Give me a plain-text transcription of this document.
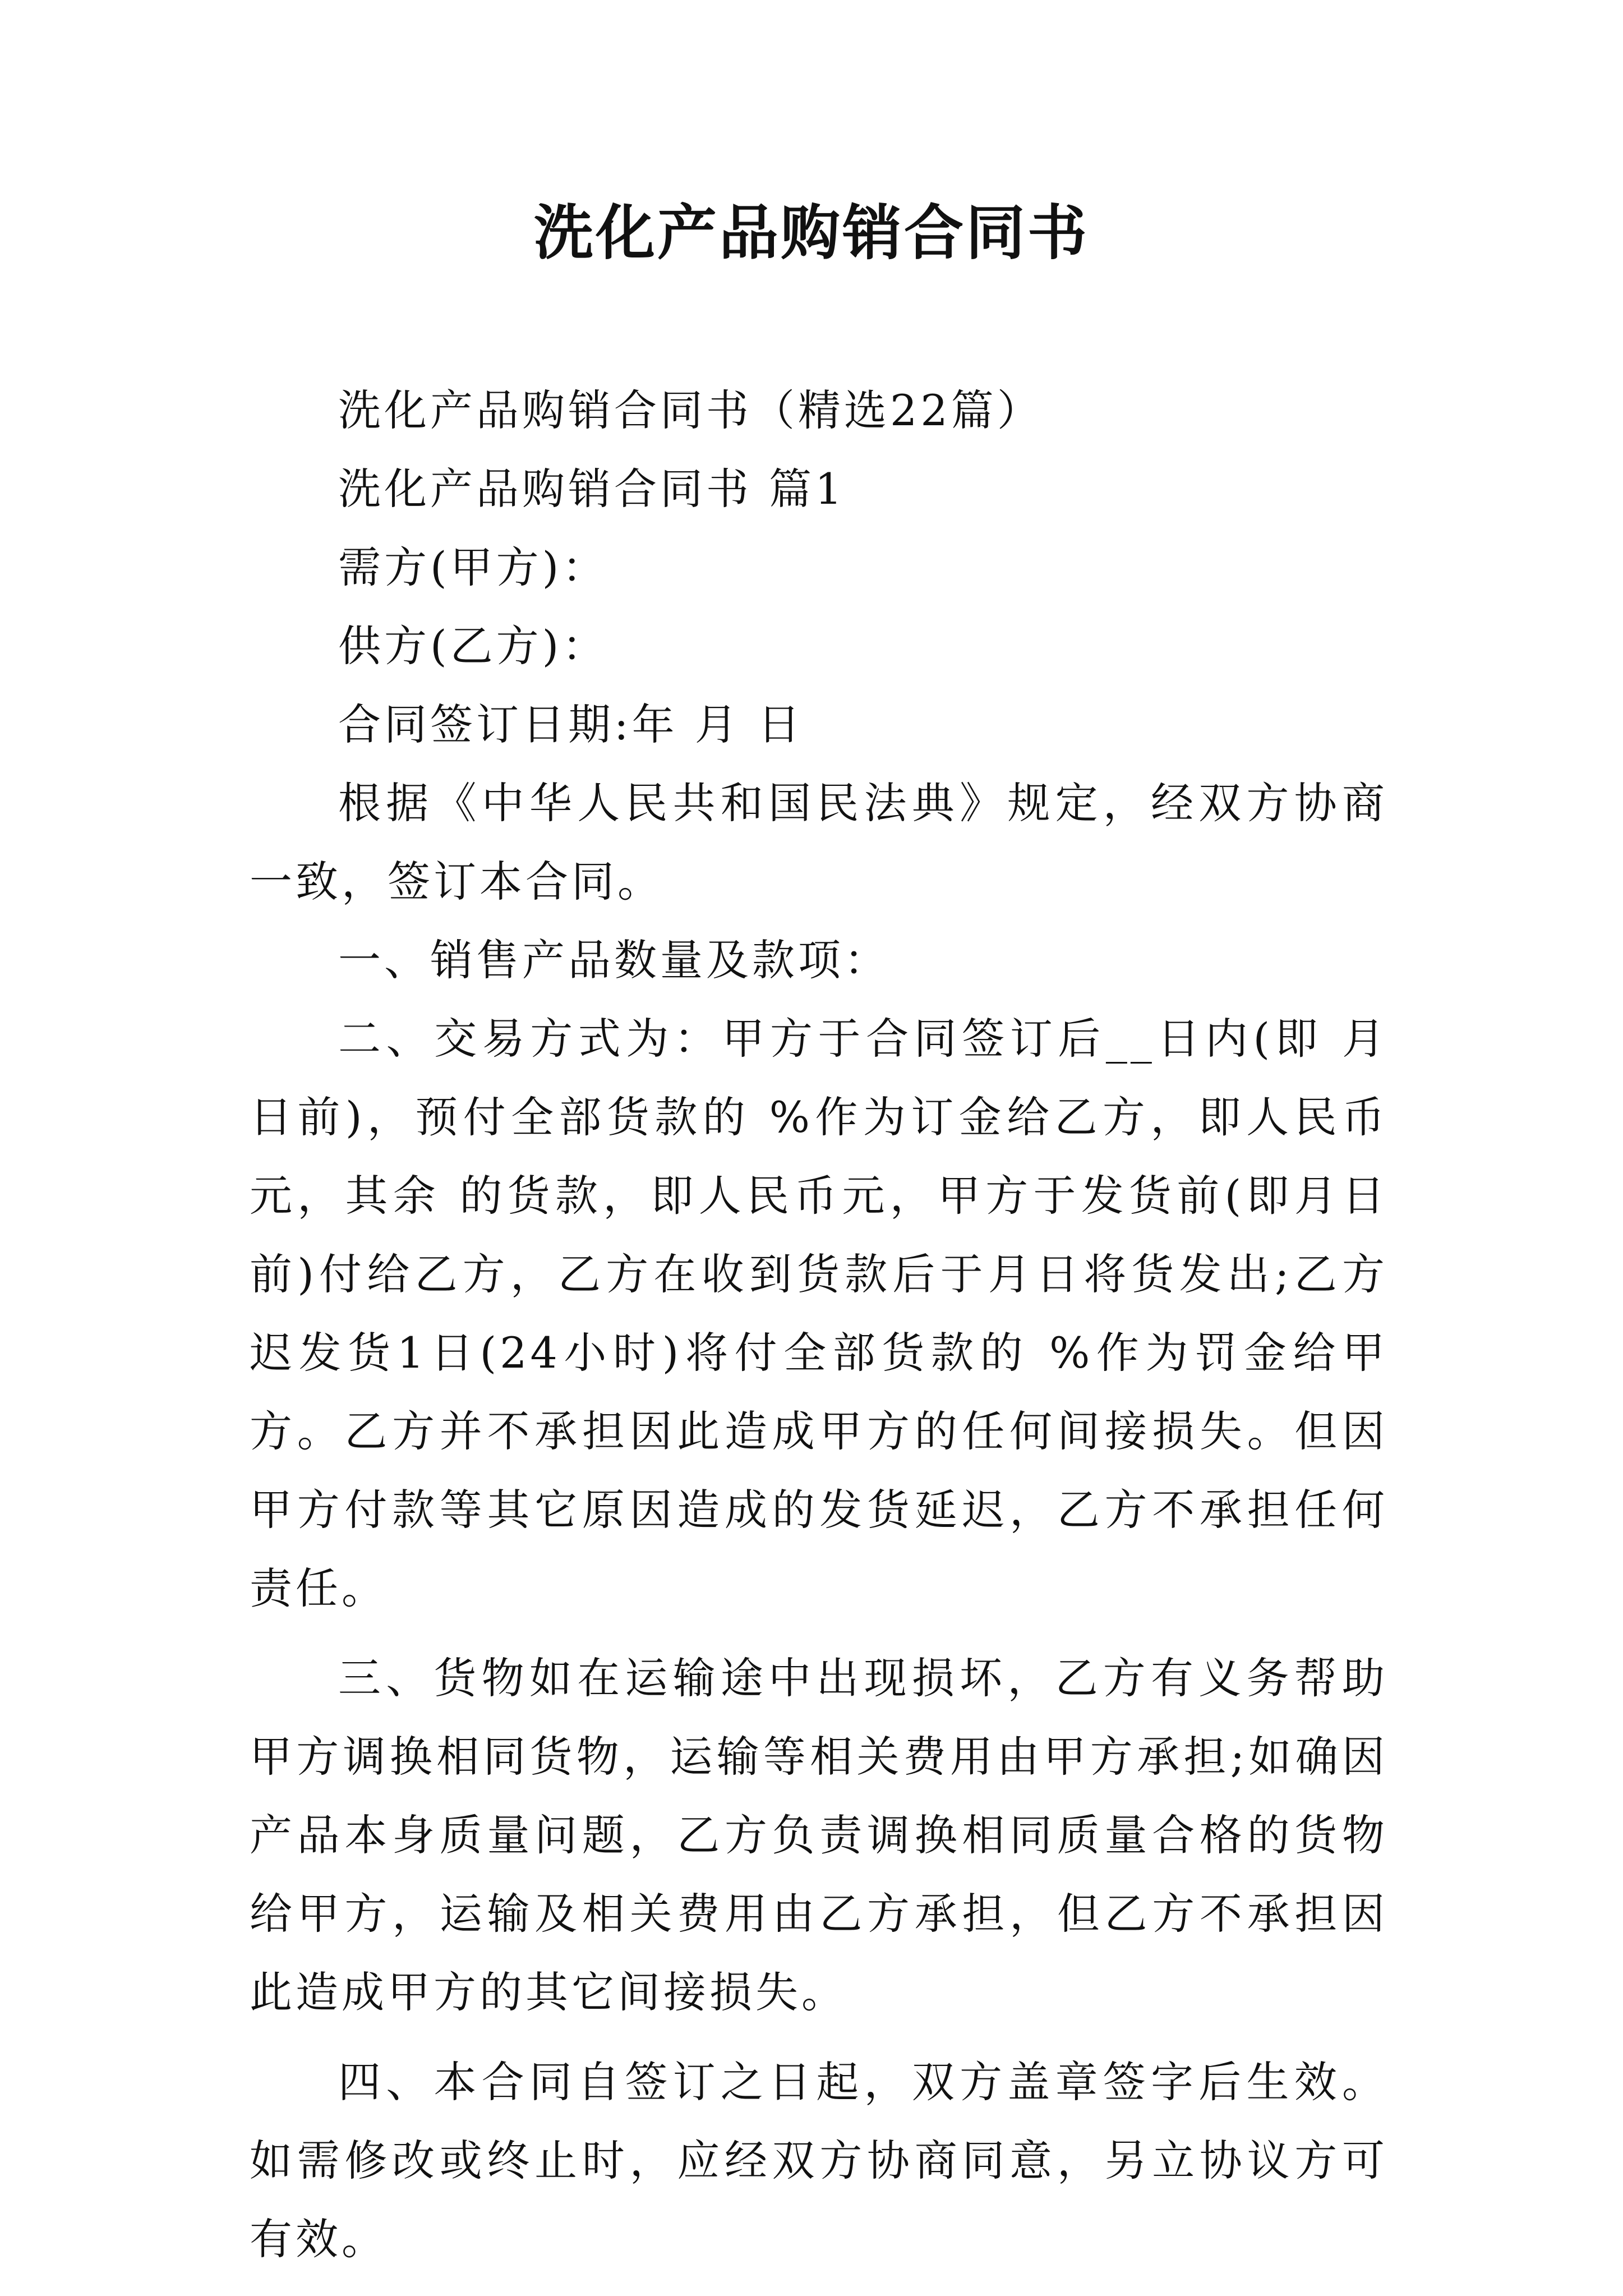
洗化产品购销合同书

洗化产品购销合同书（精选22篇）

洗化产品购销合同书 篇1

需方(甲方)：

供方(乙方)：

合同签订日期:年 月 日

根据《中华人民共和国民法典》规定，经双方协商一致，签订本合同。

一、销售产品数量及款项：

二、交易方式为：甲方于合同签订后__日内(即 月 日前)，预付全部货款的 %作为订金给乙方，即人民币元，其余 的货款，即人民币元，甲方于发货前(即月日前)付给乙方，乙方在收到货款后于月日将货发出;乙方迟发货1日(24小时)将付全部货款的 %作为罚金给甲方。乙方并不承担因此造成甲方的任何间接损失。但因甲方付款等其它原因造成的发货延迟，乙方不承担任何责任。

三、货物如在运输途中出现损坏，乙方有义务帮助甲方调换相同货物，运输等相关费用由甲方承担;如确因产品本身质量问题，乙方负责调换相同质量合格的货物给甲方，运输及相关费用由乙方承担，但乙方不承担因此造成甲方的其它间接损失。

四、本合同自签订之日起，双方盖章签字后生效。如需修改或终止时，应经双方协商同意，另立协议方可有效。
